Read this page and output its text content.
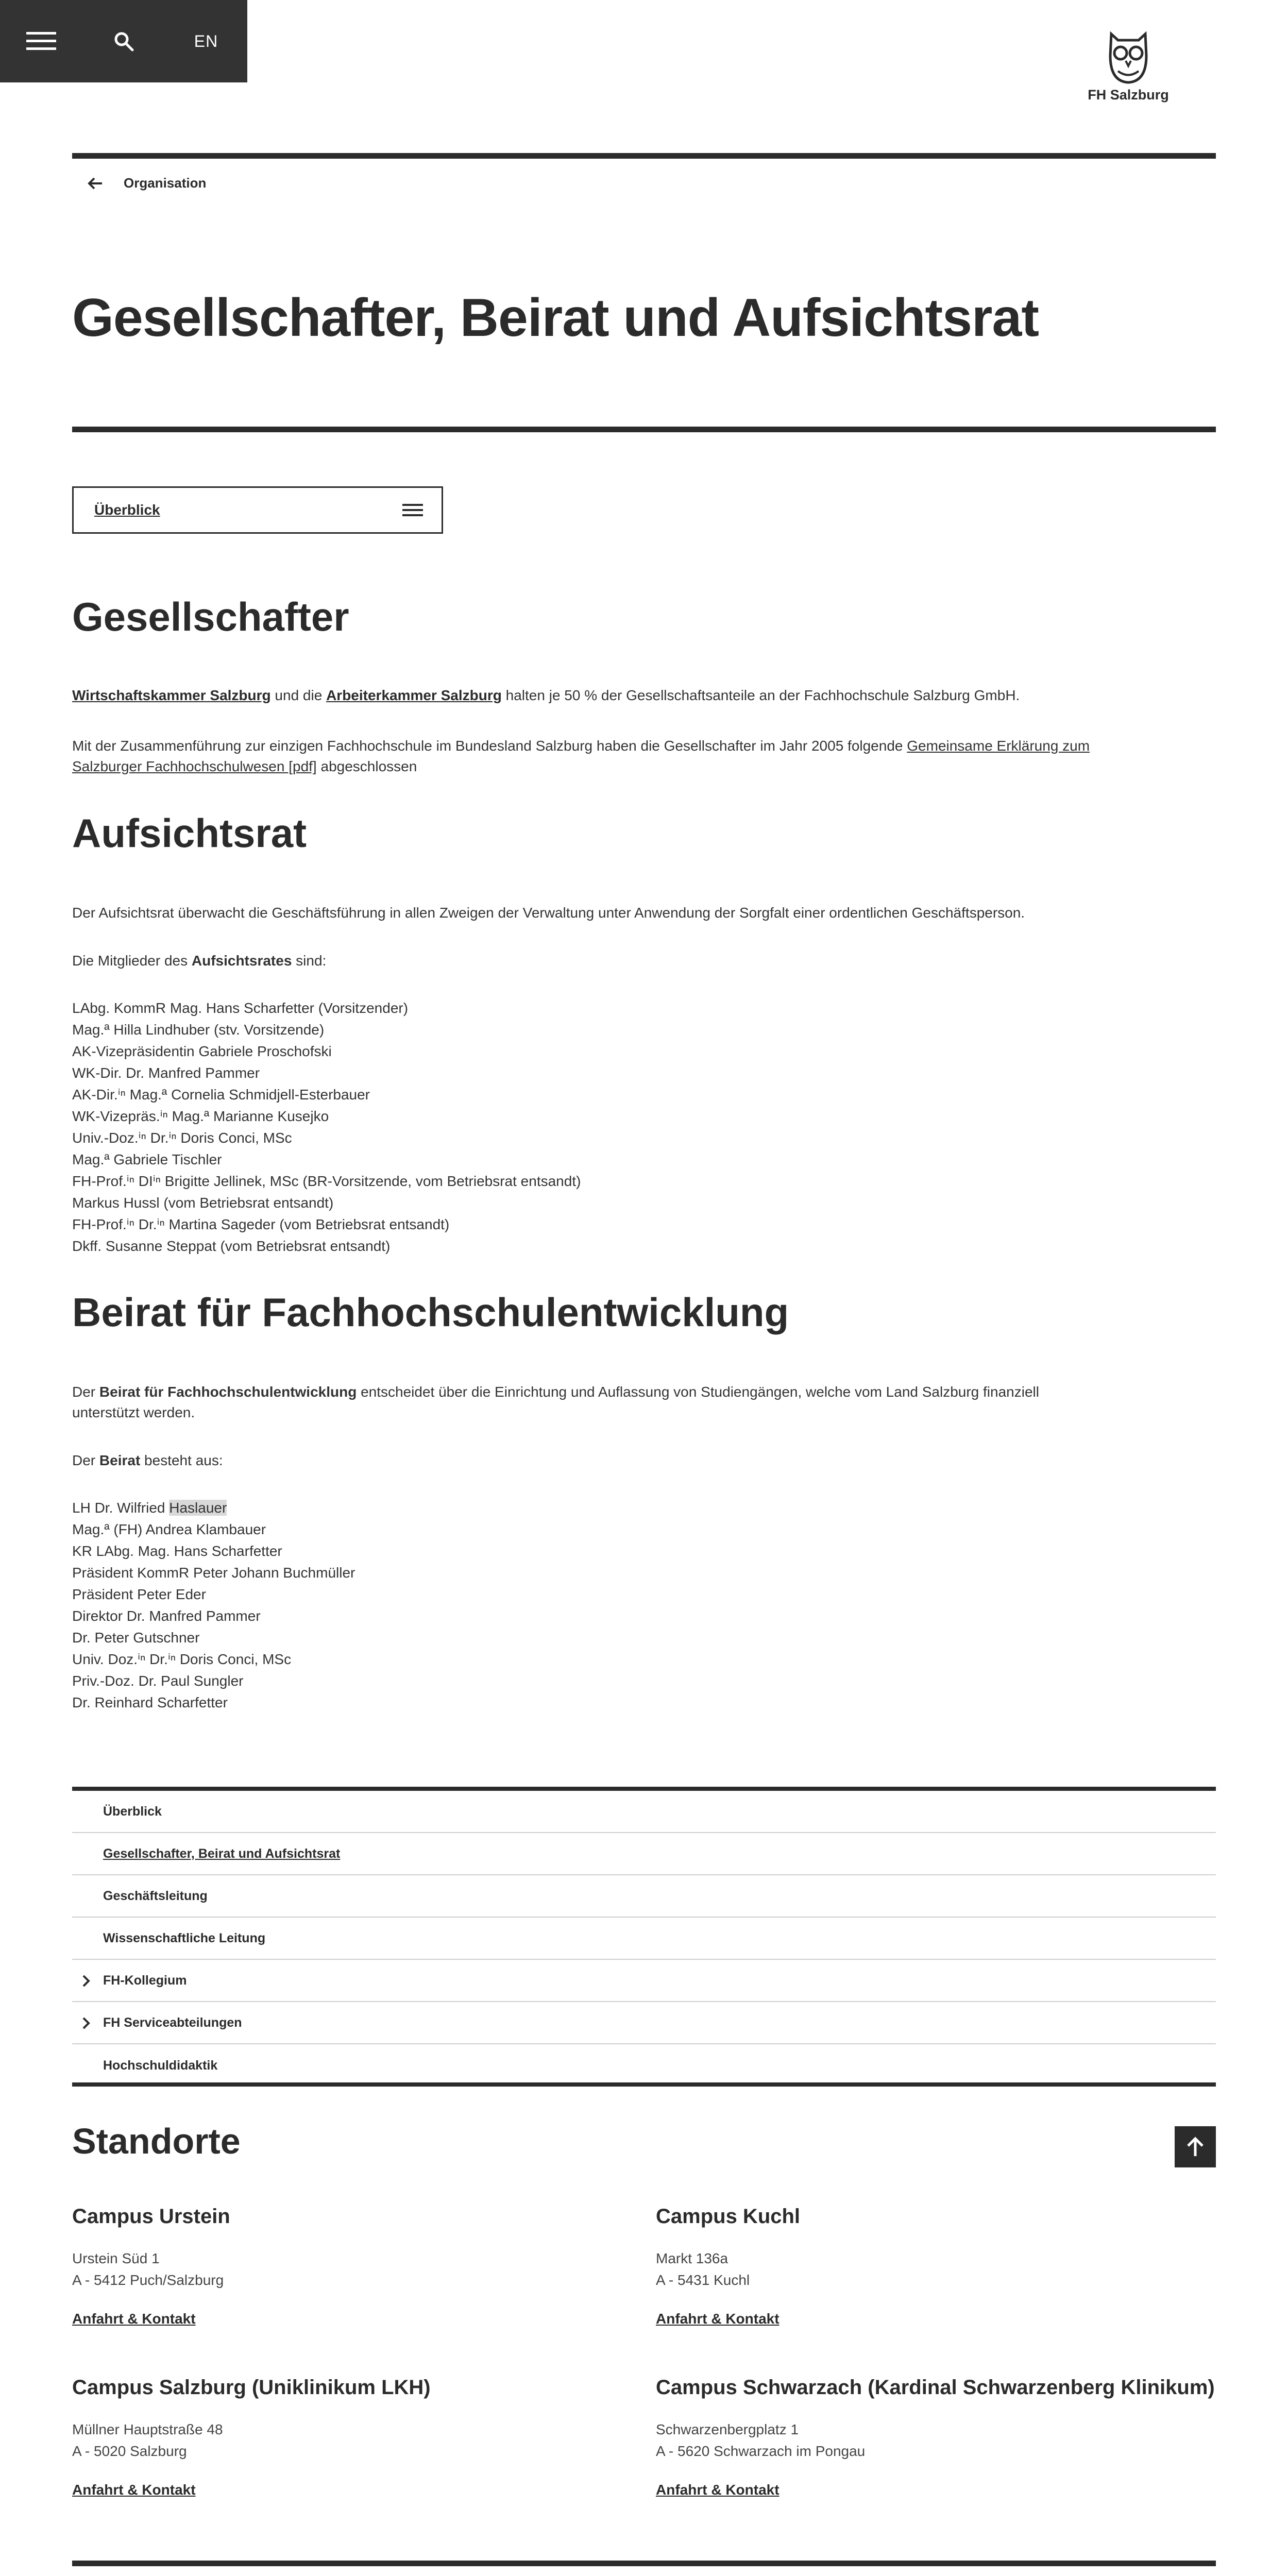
EN
FH Salzburg
Organisation
Gesellschafter, Beirat und Aufsichtsrat
Überblick
Gesellschafter
Wirtschaftskammer Salzburg und die Arbeiterkammer Salzburg halten je 50 % der Gesellschaftsanteile an der Fachhochschule Salzburg GmbH.
Mit der Zusammenführung zur einzigen Fachhochschule im Bundesland Salzburg haben die Gesellschafter im Jahr 2005 folgende Gemeinsame Erklärung zum
Salzburger Fachhochschulwesen [pdf] abgeschlossen
Aufsichtsrat
Der Aufsichtsrat überwacht die Geschäftsführung in allen Zweigen der Verwaltung unter Anwendung der Sorgfalt einer ordentlichen Geschäftsperson.
Die Mitglieder des Aufsichtsrates sind:
LAbg. KommR Mag. Hans Scharfetter (Vorsitzender)
Mag.ª Hilla Lindhuber (stv. Vorsitzende)
AK-Vizepräsidentin Gabriele Proschofski
WK-Dir. Dr. Manfred Pammer
AK-Dir.ⁱⁿ Mag.ª Cornelia Schmidjell-Esterbauer
WK-Vizepräs.ⁱⁿ Mag.ª Marianne Kusejko
Univ.-Doz.ⁱⁿ Dr.ⁱⁿ Doris Conci, MSc
Mag.ª Gabriele Tischler
FH-Prof.ⁱⁿ DIⁱⁿ Brigitte Jellinek, MSc (BR-Vorsitzende, vom Betriebsrat entsandt)
Markus Hussl (vom Betriebsrat entsandt)
FH-Prof.ⁱⁿ Dr.ⁱⁿ Martina Sageder (vom Betriebsrat entsandt)
Dkff. Susanne Steppat (vom Betriebsrat entsandt)
Beirat für Fachhochschulentwicklung
Der Beirat für Fachhochschulentwicklung entscheidet über die Einrichtung und Auflassung von Studiengängen, welche vom Land Salzburg finanziell
unterstützt werden.
Der Beirat besteht aus:
LH Dr. Wilfried Haslauer
Mag.ª (FH) Andrea Klambauer
KR LAbg. Mag. Hans Scharfetter
Präsident KommR Peter Johann Buchmüller
Präsident Peter Eder
Direktor Dr. Manfred Pammer
Dr. Peter Gutschner
Univ. Doz.ⁱⁿ Dr.ⁱⁿ Doris Conci, MSc
Priv.-Doz. Dr. Paul Sungler
Dr. Reinhard Scharfetter
Überblick
Gesellschafter, Beirat und Aufsichtsrat
Geschäftsleitung
Wissenschaftliche Leitung
FH-Kollegium
FH Serviceabteilungen
Hochschuldidaktik
Standorte
Campus Urstein
Urstein Süd 1
A - 5412 Puch/Salzburg
Anfahrt & Kontakt
Campus Kuchl
Markt 136a
A - 5431 Kuchl
Anfahrt & Kontakt
Campus Salzburg (Uniklinikum LKH)
Müllner Hauptstraße 48
A - 5020 Salzburg
Anfahrt & Kontakt
Campus Schwarzach (Kardinal Schwarzenberg Klinikum)
Schwarzenbergplatz 1
A - 5620 Schwarzach im Pongau
Anfahrt & Kontakt
